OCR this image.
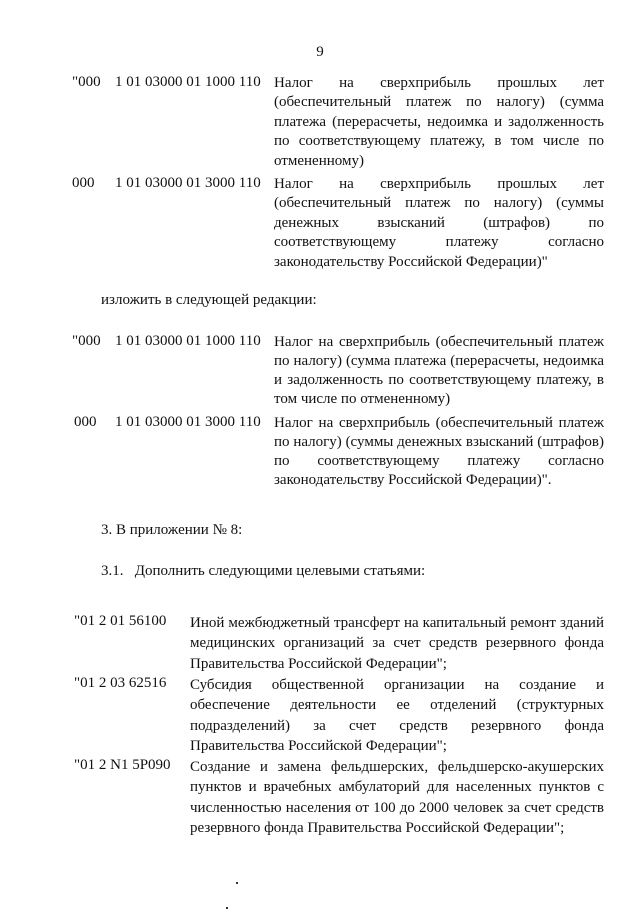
9
"000 1 01 03000 01 1000 110 Налог на сверхприбыль прошлых лет (обеспечительный платеж по налогу) (сумма платежа (перерасчеты, недоимка и задолженность по соответствующему платежу, в том числе по отмененному)
000 1 01 03000 01 3000 110 Налог на сверхприбыль прошлых лет (обеспечительный платеж по налогу) (суммы денежных взысканий (штрафов) по соответствующему платежу согласно законодательству Российской Федерации)"
изложить в следующей редакции:
"000 1 01 03000 01 1000 110 Налог на сверхприбыль (обеспечительный платеж по налогу) (сумма платежа (перерасчеты, недоимка и задолженность по соответствующему платежу, в том числе по отмененному)
000 1 01 03000 01 3000 110 Налог на сверхприбыль (обеспечительный платеж по налогу) (суммы денежных взысканий (штрафов) по соответствующему платежу согласно законодательству Российской Федерации)".
3. В приложении № 8:
3.1.   Дополнить следующими целевыми статьями:
"01 2 01 56100 Иной межбюджетный трансферт на капитальный ремонт зданий медицинских организаций за счет средств резервного фонда Правительства Российской Федерации";
"01 2 03 62516 Субсидия общественной организации на создание и обеспечение деятельности ее отделений (структурных подразделений) за счет средств резервного фонда Правительства Российской Федерации";
"01 2 N1 5P090 Создание и замена фельдшерских, фельдшерско-акушерских пунктов и врачебных амбулаторий для населенных пунктов с численностью населения от 100 до 2000 человек за счет средств резервного фонда Правительства Российской Федерации";
